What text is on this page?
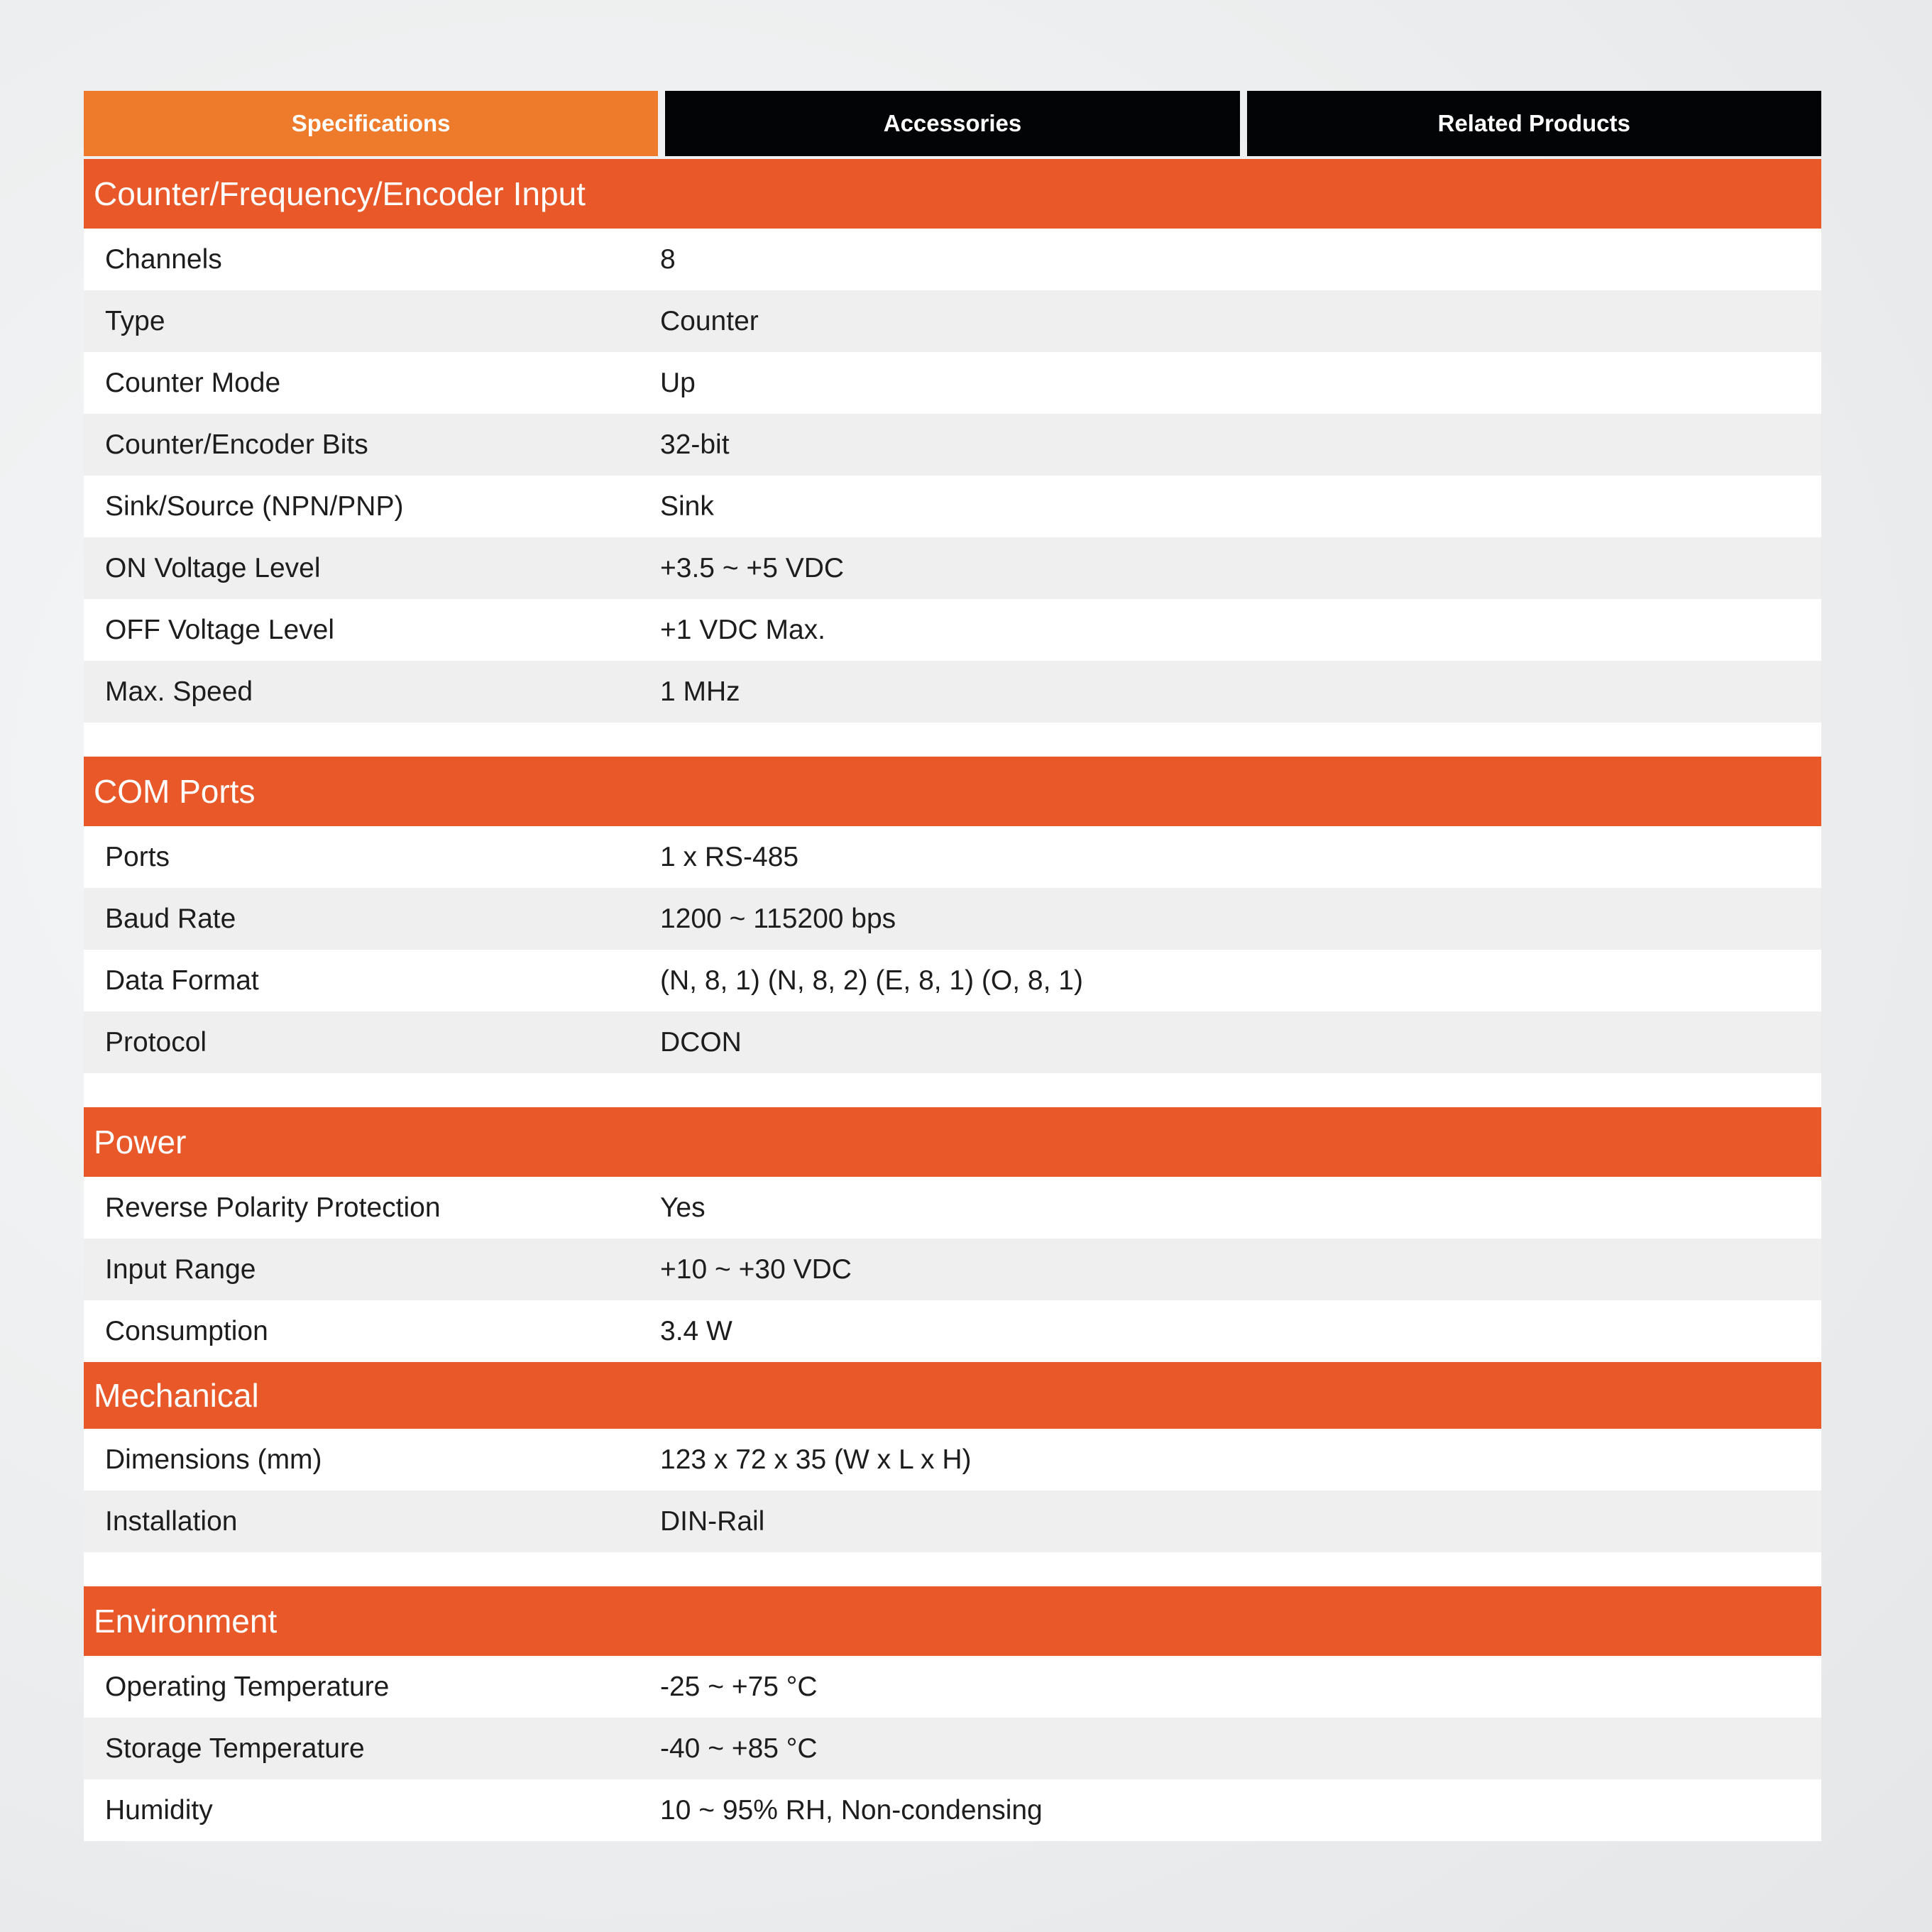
Specifications	Accessories	Related Products
Counter/Frequency/Encoder Input
Channels	8
Type	Counter
Counter Mode	Up
Counter/Encoder Bits	32-bit
Sink/Source (NPN/PNP)	Sink
ON Voltage Level	+3.5 ~ +5 VDC
OFF Voltage Level	+1 VDC Max.
Max. Speed	1 MHz
COM Ports
Ports	1 x RS-485
Baud Rate	1200 ~ 115200 bps
Data Format	(N, 8, 1) (N, 8, 2) (E, 8, 1) (O, 8, 1)
Protocol	DCON
Power
Reverse Polarity Protection	Yes
Input Range	+10 ~ +30 VDC
Consumption	3.4 W
Mechanical
Dimensions (mm)	123 x 72 x 35 (W x L x H)
Installation	DIN-Rail
Environment
Operating Temperature	-25 ~ +75 °C
Storage Temperature	-40 ~ +85 °C
Humidity	10 ~ 95% RH, Non-condensing
